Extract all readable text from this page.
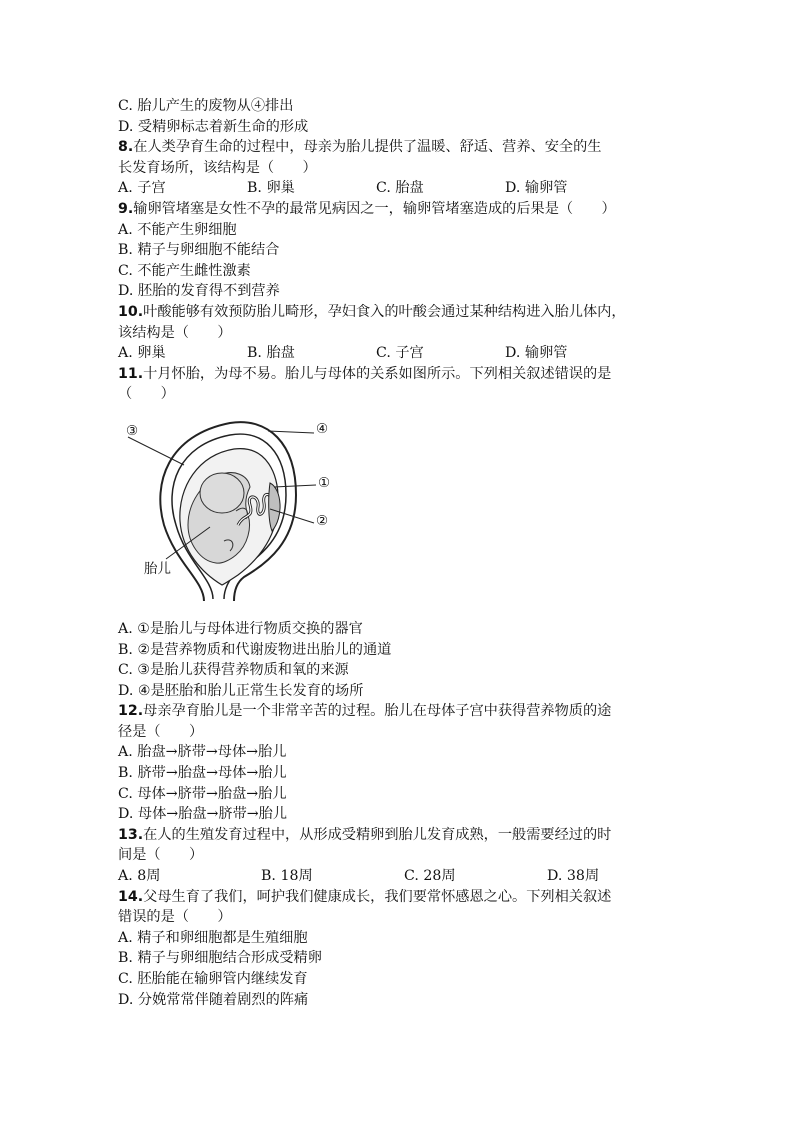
C. 胎儿产生的废物从④排出
D. 受精卵标志着新生命的形成
8.在人类孕育生命的过程中，母亲为胎儿提供了温暖、舒适、营养、安全的生
长发育场所，该结构是（　　）
A. 子宫	B. 卵巢	C. 胎盘	D. 输卵管
9.输卵管堵塞是女性不孕的最常见病因之一，输卵管堵塞造成的后果是（　　）
A. 不能产生卵细胞
B. 精子与卵细胞不能结合
C. 不能产生雌性激素
D. 胚胎的发育得不到营养
10.叶酸能够有效预防胎儿畸形，孕妇食入的叶酸会通过某种结构进入胎儿体内，
该结构是（　　）
A. 卵巢	B. 胎盘	C. 子宫	D. 输卵管
11.十月怀胎，为母不易。胎儿与母体的关系如图所示。下列相关叙述错误的是
（　　）
③	④
①
②
胎儿
A. ①是胎儿与母体进行物质交换的器官
B. ②是营养物质和代谢废物进出胎儿的通道
C. ③是胎儿获得营养物质和氧的来源
D. ④是胚胎和胎儿正常生长发育的场所
12.母亲孕育胎儿是一个非常辛苦的过程。胎儿在母体子宫中获得营养物质的途
径是（　　）
A. 胎盘→脐带→母体→胎儿
B. 脐带→胎盘→母体→胎儿
C. 母体→脐带→胎盘→胎儿
D. 母体→胎盘→脐带→胎儿
13.在人的生殖发育过程中，从形成受精卵到胎儿发育成熟，一般需要经过的时
间是（　　）
A. 8周	B. 18周	C. 28周	D. 38周
14.父母生育了我们，呵护我们健康成长，我们要常怀感恩之心。下列相关叙述
错误的是（　　）
A. 精子和卵细胞都是生殖细胞
B. 精子与卵细胞结合形成受精卵
C. 胚胎能在输卵管内继续发育
D. 分娩常常伴随着剧烈的阵痛
